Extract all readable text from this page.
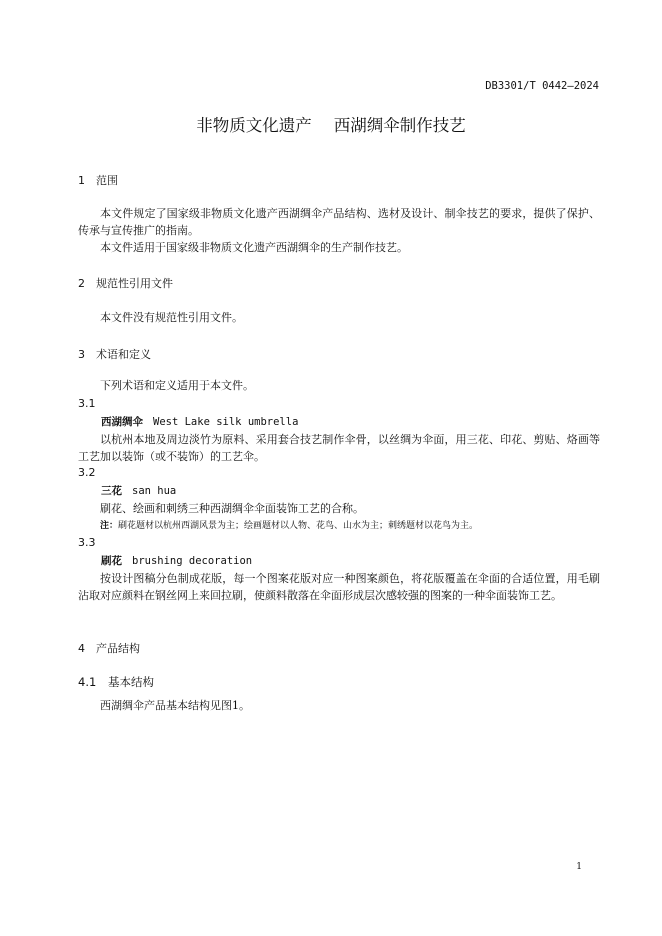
DB3301/T 0442—2024
非物质文化遗产 西湖绸伞制作技艺
1 范围
本文件规定了国家级非物质文化遗产西湖绸伞产品结构、选材及设计、制伞技艺的要求，提供了保护、传承与宣传推广的指南。
本文件适用于国家级非物质文化遗产西湖绸伞的生产制作技艺。
2 规范性引用文件
本文件没有规范性引用文件。
3 术语和定义
下列术语和定义适用于本文件。
3.1
西湖绸伞 West Lake silk umbrella
以杭州本地及周边淡竹为原料、采用套合技艺制作伞骨，以丝绸为伞面，用三花、印花、剪贴、烙画等工艺加以装饰（或不装饰）的工艺伞。
3.2
三花 san hua
刷花、绘画和刺绣三种西湖绸伞伞面装饰工艺的合称。
注：刷花题材以杭州西湖风景为主；绘画题材以人物、花鸟、山水为主；刺绣题材以花鸟为主。
3.3
刷花 brushing decoration
按设计图稿分色制成花版，每一个图案花版对应一种图案颜色，将花版覆盖在伞面的合适位置，用毛刷沾取对应颜料在钢丝网上来回拉刷，使颜料散落在伞面形成层次感较强的图案的一种伞面装饰工艺。
4 产品结构
4.1 基本结构
西湖绸伞产品基本结构见图1。
1
